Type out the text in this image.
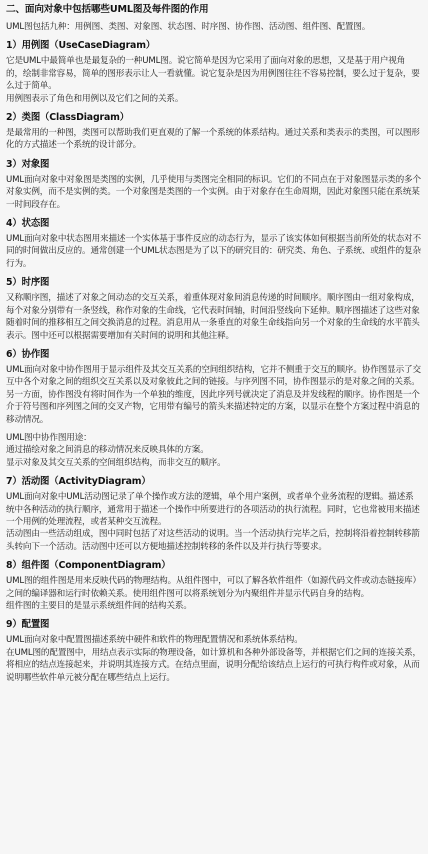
二、面向对象中包括哪些UML图及每件图的作用

UML图包括九种：用例图、类图、对象图、状态图、时序图、协作图、活动图、组件图、配置图。

1）用例图（UseCaseDiagram）

它是UML中最简单也是最复杂的一种UML图。说它简单是因为它采用了面向对象的思想，又是基于用户视角的，绘制非常容易，简单的图形表示让人一看就懂。说它复杂是因为用例图往往不容易控制，要么过于复杂，要么过于简单。

用例图表示了角色和用例以及它们之间的关系。

2）类图（ClassDiagram）

是最常用的一种图，类图可以帮助我们更直观的了解一个系统的体系结构。通过关系和类表示的类图，可以图形化的方式描述一个系统的设计部分。

3）对象图

UML面向对象中对象图是类图的实例，几乎使用与类图完全相同的标识。它们的不同点在于对象图显示类的多个对象实例，而不是实例的类。一个对象图是类图的一个实例。由于对象存在生命周期，因此对象图只能在系统某一时间段存在。

4）状态图

UML面向对象中状态图用来描述一个实体基于事件反应的动态行为，显示了该实体如何根据当前所处的状态对不同的时间做出反应的。通常创建一个UML状态图是为了以下的研究目的：研究类、角色、子系统、或组件的复杂行为。

5）时序图

又称顺序图，描述了对象之间动态的交互关系，着重体现对象间消息传递的时间顺序。顺序图由一组对象构成，每个对象分别带有一条竖线，称作对象的生命线，它代表时间轴，时间沿竖线向下延伸。顺序图描述了这些对象随着时间的推移相互之间交换消息的过程。消息用从一条垂直的对象生命线指向另一个对象的生命线的水平箭头表示。图中还可以根据需要增加有关时间的说明和其他注释。

6）协作图

UML面向对象中协作图用于显示组件及其交互关系的空间组织结构，它并不侧重于交互的顺序。协作图显示了交互中各个对象之间的组织交互关系以及对象彼此之间的链接。与序列图不同，协作图显示的是对象之间的关系。另一方面，协作图没有将时间作为一个单独的维度，因此序列号就决定了消息及并发线程的顺序。协作图是一个介于符号图和序列图之间的交叉产物，它用带有编号的箭头来描述特定的方案，以显示在整个方案过程中消息的移动情况。

UML图中协作图用途：

通过描绘对象之间消息的移动情况来反映具体的方案。

显示对象及其交互关系的空间组织结构，而非交互的顺序。

7）活动图（ActivityDiagram）

UML面向对象中UML活动图记录了单个操作或方法的逻辑，单个用户案例，或者单个业务流程的逻辑。描述系统中各种活动的执行顺序，通常用于描述一个操作中所要进行的各项活动的执行流程。同时，它也常被用来描述一个用例的处理流程，或者某种交互流程。

活动图由一些活动组成，图中同时包括了对这些活动的说明。当一个活动执行完毕之后，控制将沿着控制转移箭头转向下一个活动。活动图中还可以方便地描述控制转移的条件以及并行执行等要求。

8）组件图（ComponentDiagram）

UML图的组件图是用来反映代码的物理结构。从组件图中，可以了解各软件组件（如源代码文件或动态链接库）之间的编译器和运行时依赖关系。使用组件图可以将系统划分为内聚组件并显示代码自身的结构。

组件图的主要目的是显示系统组件间的结构关系。

9）配置图

UML面向对象中配置图描述系统中硬件和软件的物理配置情况和系统体系结构。

在UML图的配置图中，用结点表示实际的物理设备，如计算机和各种外部设备等，并根据它们之间的连接关系，将相应的结点连接起来，并说明其连接方式。在结点里面，说明分配给该结点上运行的可执行构件或对象，从而说明哪些软件单元被分配在哪些结点上运行。
